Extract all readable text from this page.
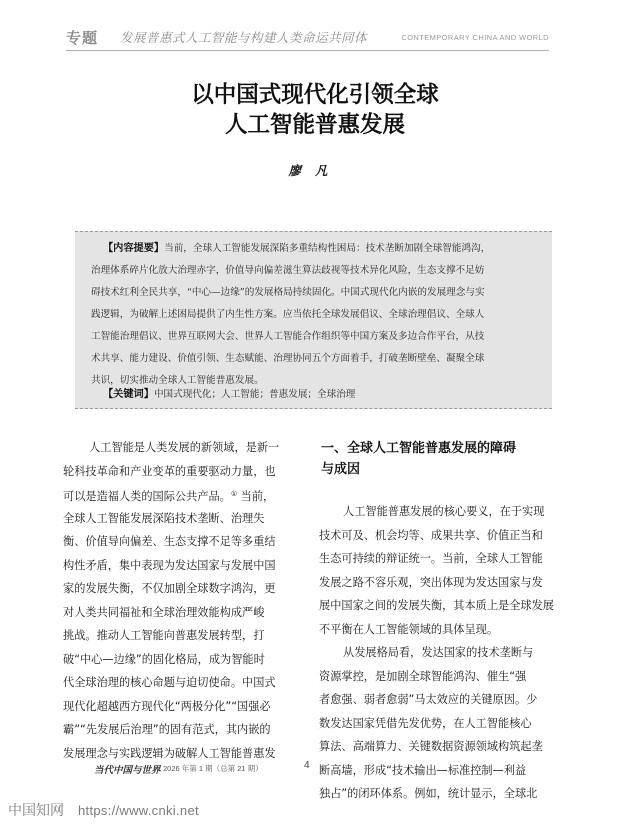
专题 发展普惠式人工智能与构建人类命运共同体	CONTEMPORARY CHINA AND WORLD
以中国式现代化引领全球
人工智能普惠发展
廖凡
【内容提要】当前，全球人工智能发展深陷多重结构性困局：技术垄断加剧全球智能鸿沟，
治理体系碎片化放大治理赤字，价值导向偏差滋生算法歧视等技术异化风险，生态支撑不足妨
碍技术红利全民共享，“中心—边缘”的发展格局持续固化。中国式现代化内嵌的发展理念与实
践逻辑，为破解上述困局提供了内生性方案。应当依托全球发展倡议、全球治理倡议、全球人
工智能治理倡议、世界互联网大会、世界人工智能合作组织等中国方案及多边合作平台，从技
术共享、能力建设、价值引领、生态赋能、治理协同五个方面着手，打破垄断壁垒、凝聚全球
共识，切实推动全球人工智能普惠发展。
【关键词】中国式现代化；人工智能；普惠发展；全球治理
人工智能是人类发展的新领域，是新一
轮科技革命和产业变革的重要驱动力量，也
可以是造福人类的国际公共产品。① 当前，
全球人工智能发展深陷技术垄断、治理失
衡、价值导向偏差、生态支撑不足等多重结
构性矛盾，集中表现为发达国家与发展中国
家的发展失衡，不仅加剧全球数字鸿沟，更
对人类共同福祉和全球治理效能构成严峻
挑战。推动人工智能向普惠发展转型，打
破“中心—边缘”的固化格局，成为智能时
代全球治理的核心命题与迫切使命。中国式
现代化超越西方现代化“两极分化”“国强必
霸”“先发展后治理”的固有范式，其内嵌的
发展理念与实践逻辑为破解人工智能普惠发
一、全球人工智能普惠发展的障碍
与成因
人工智能普惠发展的核心要义，在于实现
技术可及、机会均等、成果共享、价值正当和
生态可持续的辩证统一。当前，全球人工智能
发展之路不容乐观，突出体现为发达国家与发
展中国家之间的发展失衡，其本质上是全球发展
不平衡在人工智能领域的具体呈现。
从发展格局看，发达国家的技术垄断与
资源掌控，是加剧全球智能鸿沟、催生“强
者愈强、弱者愈弱”马太效应的关键原因。少
数发达国家凭借先发优势，在人工智能核心
算法、高端算力、关键数据资源领域构筑起垄
断高墙，形成“技术输出—标准控制—利益
独占”的闭环体系。例如，统计显示，全球北
当代中国与世界 2026 年第 1 期（总第 21 期）	4
中国知网 https://www.cnki.net
